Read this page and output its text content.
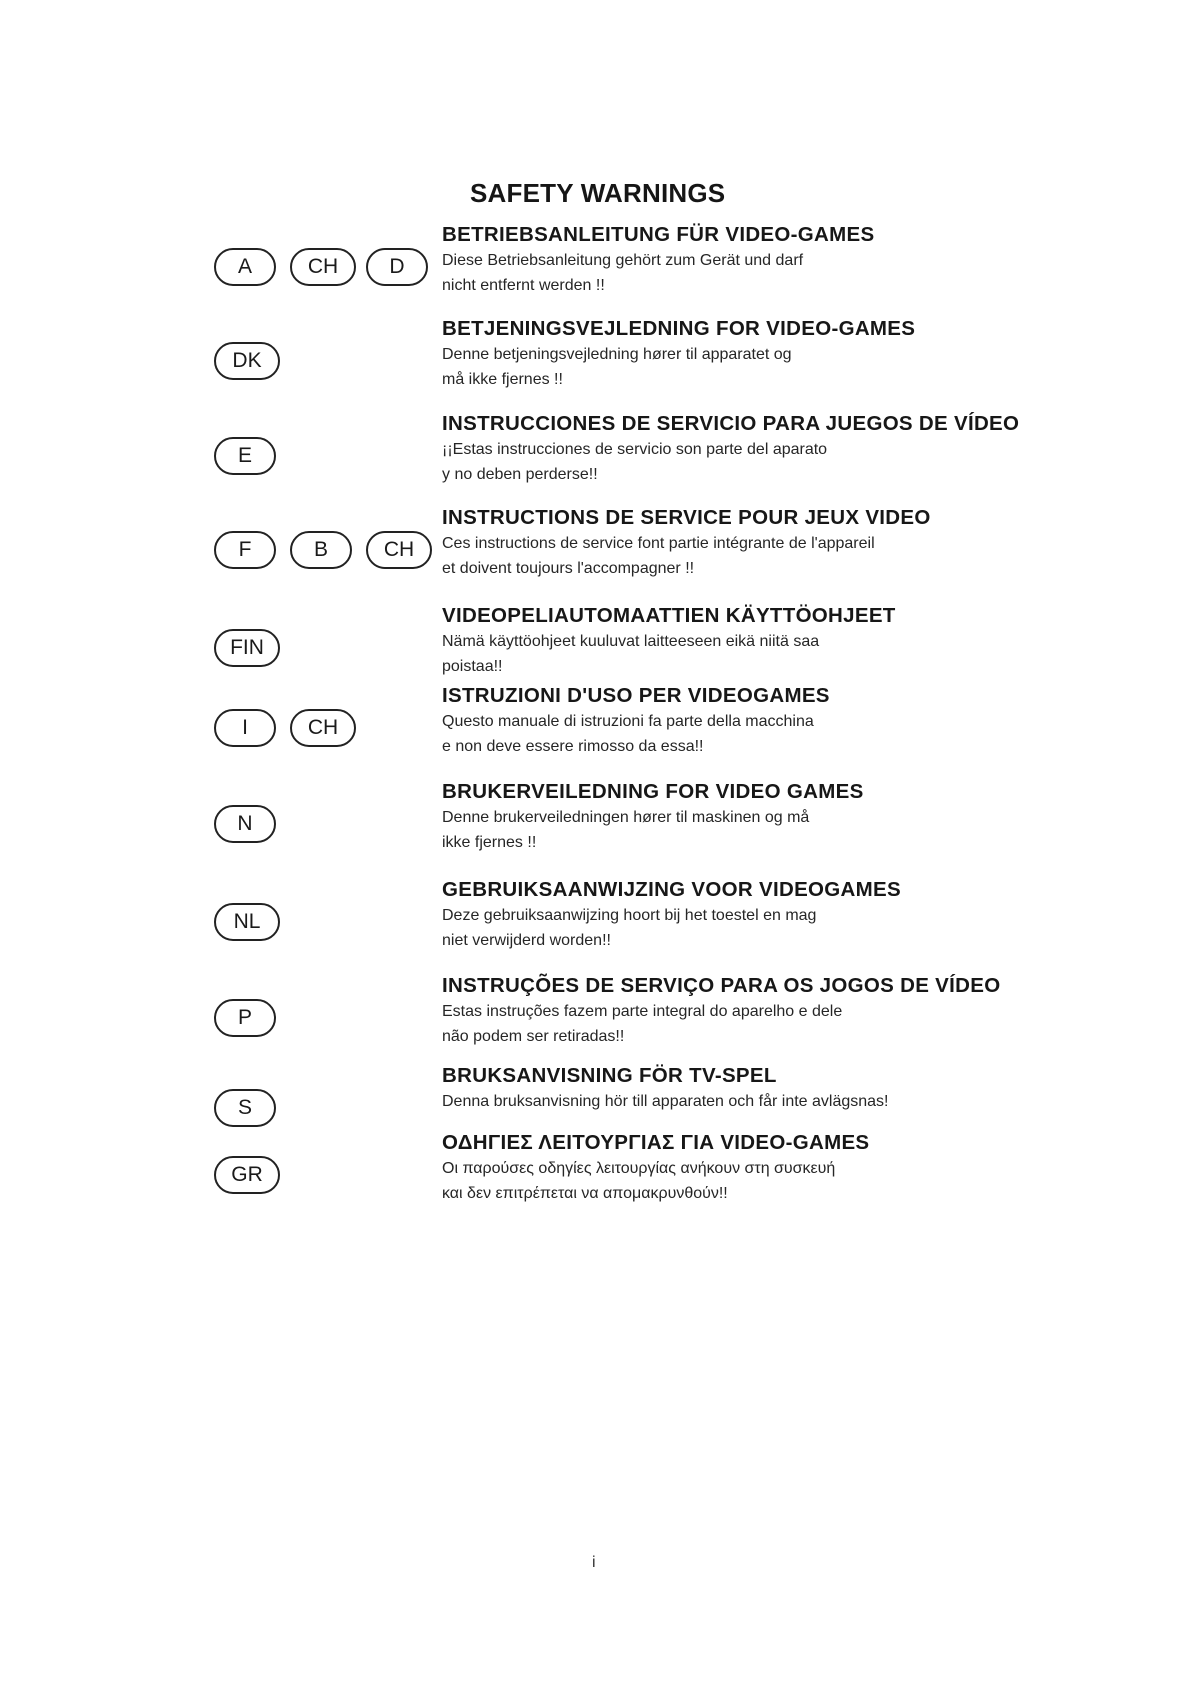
SAFETY WARNINGS
A	CH	D
BETRIEBSANLEITUNG FÜR VIDEO-GAMES
Diese Betriebsanleitung gehört zum Gerät und darf
nicht entfernt werden !!
DK
BETJENINGSVEJLEDNING FOR VIDEO-GAMES
Denne betjeningsvejledning hører til apparatet og
må ikke fjernes !!
E
INSTRUCCIONES DE SERVICIO PARA JUEGOS DE VÍDEO
¡¡Estas instrucciones de servicio son parte del aparato
y no deben perderse!!
F	B	CH
INSTRUCTIONS DE SERVICE POUR JEUX VIDEO
Ces instructions de service font partie intégrante de l'appareil
et doivent toujours l'accompagner !!
FIN
VIDEOPELIAUTOMAATTIEN KÄYTTÖOHJEET
Nämä käyttöohjeet kuuluvat laitteeseen eikä niitä saa
poistaa!!
I	CH
ISTRUZIONI D'USO PER VIDEOGAMES
Questo manuale di istruzioni fa parte della macchina
e non deve essere rimosso da essa!!
N
BRUKERVEILEDNING FOR VIDEO GAMES
Denne brukerveiledningen hører til maskinen og må
ikke fjernes !!
NL
GEBRUIKSAANWIJZING VOOR VIDEOGAMES
Deze gebruiksaanwijzing hoort bij het toestel en mag
niet verwijderd worden!!
P
INSTRUÇÕES DE SERVIÇO PARA OS JOGOS DE VÍDEO
Estas instruções fazem parte integral do aparelho e dele
não podem ser retiradas!!
S
BRUKSANVISNING FÖR TV-SPEL
Denna bruksanvisning hör till apparaten och får inte avlägsnas!
GR
ΟΔΗΓΙΕΣ ΛΕΙΤΟΥΡΓΙΑΣ ΓΙΑ VIDEO-GAMES
Οι παρούσες οδηγίες λειτουργίας ανήκουν στη συσκευή
και δεν επιτρέπεται να απομακρυνθούν!!
i
